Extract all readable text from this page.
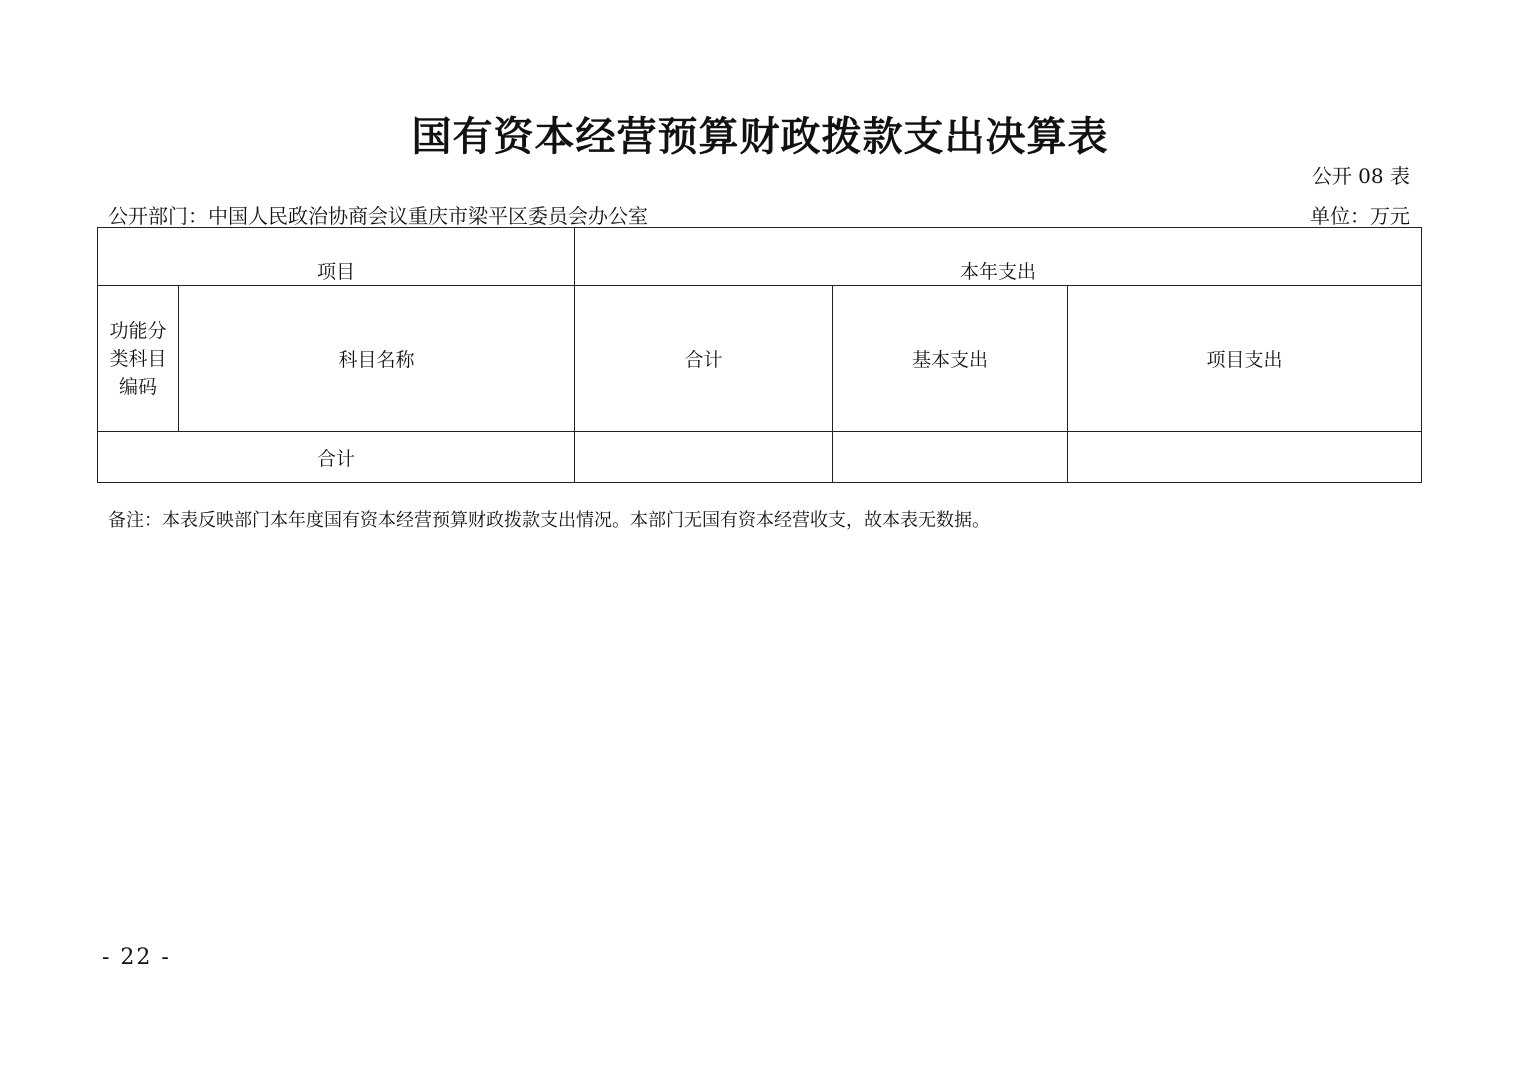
国有资本经营预算财政拨款支出决算表
公开 08 表
公开部门：中国人民政治协商会议重庆市梁平区委员会办公室	单位：万元
项目		本年支出		

功能分
类科目
编码	科目名称	合计	基本支出	项目支出
合计				
备注：本表反映部门本年度国有资本经营预算财政拨款支出情况。本部门无国有资本经营收支，故本表无数据。
- 22 -
